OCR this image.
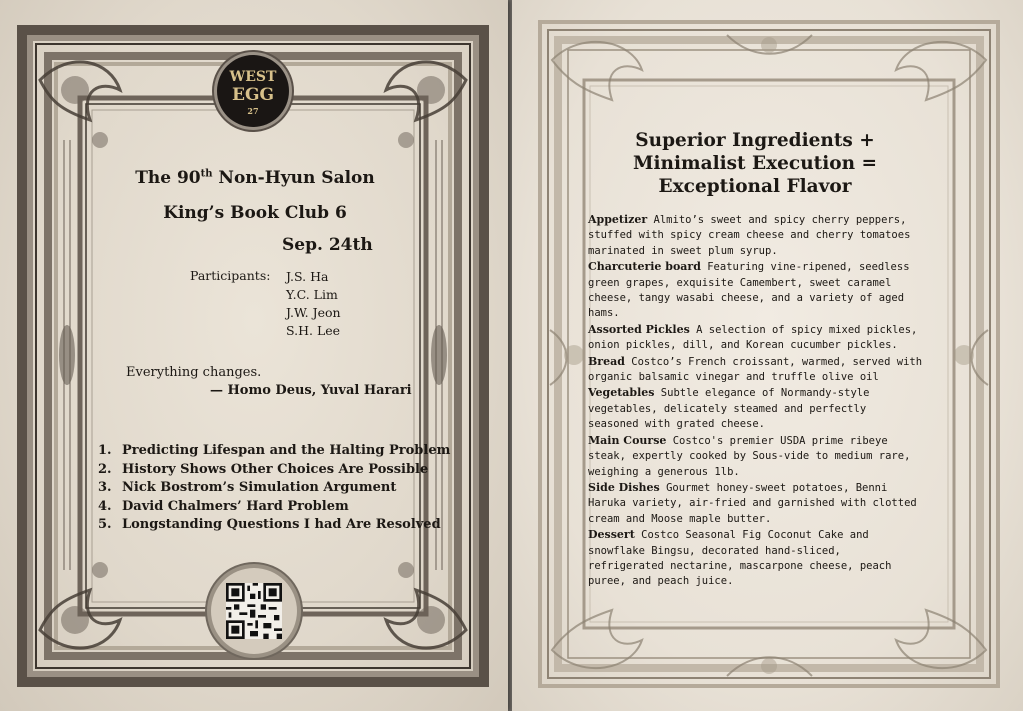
WEST
EGG
27
The 90th Non-Hyun Salon
King’s Book Club 6
Sep. 24th
Participants: J.S. Ha
Y.C. Lim
J.W. Jeon
S.H. Lee
Everything changes.
— Homo Deus, Yuval Harari
1. Predicting Lifespan and the Halting Problem
2. History Shows Other Choices Are Possible
3. Nick Bostrom’s Simulation Argument
4. David Chalmers’ Hard Problem
5. Longstanding Questions I had Are Resolved
Superior Ingredients +
Minimalist Execution =
Exceptional Flavor
Appetizer Almito’s sweet and spicy cherry peppers, stuffed with spicy cream cheese and cherry tomatoes marinated in sweet plum syrup.
Charcuterie board Featuring vine-ripened, seedless green grapes, exquisite Camembert, sweet caramel cheese, tangy wasabi cheese, and a variety of aged hams.
Assorted Pickles A selection of spicy mixed pickles, onion pickles, dill, and Korean cucumber pickles.
Bread Costco’s French croissant, warmed, served with organic balsamic vinegar and truffle olive oil
Vegetables Subtle elegance of Normandy-style vegetables, delicately steamed and perfectly seasoned with grated cheese.
Main Course Costco's premier USDA prime ribeye steak, expertly cooked by Sous-vide to medium rare, weighing a generous 1lb.
Side Dishes Gourmet honey-sweet potatoes, Benni Haruka variety, air-fried and garnished with clotted cream and Moose maple butter.
Dessert Costco Seasonal Fig Coconut Cake and snowflake Bingsu, decorated hand-sliced, refrigerated nectarine, mascarpone cheese, peach puree, and peach juice.
